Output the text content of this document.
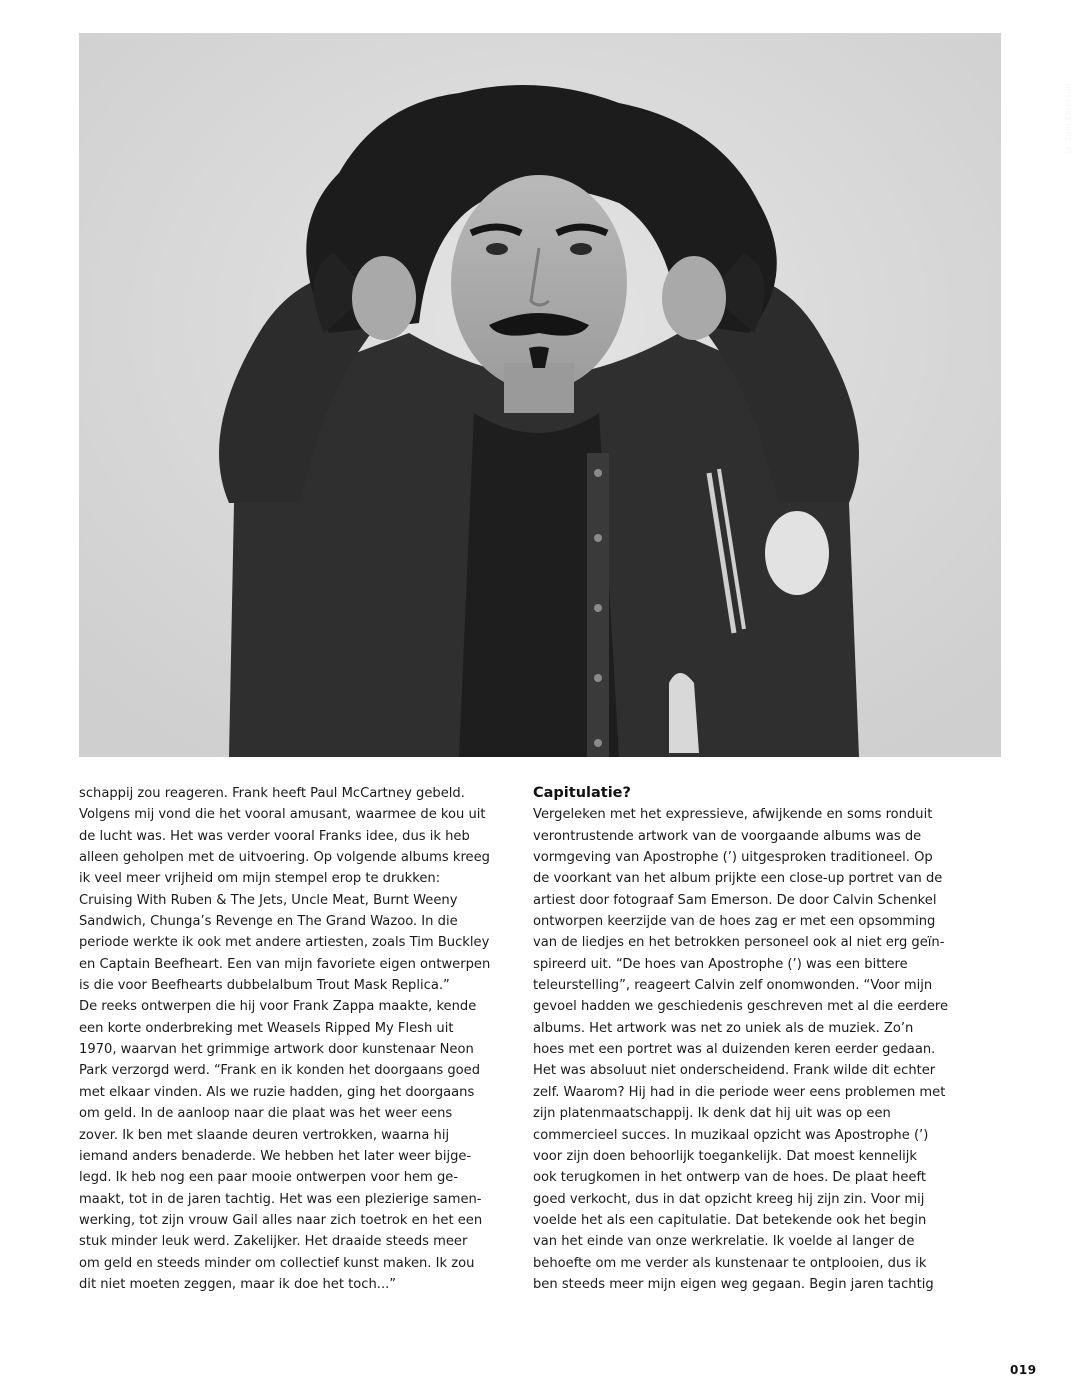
© Sam Emerson
schappij zou reageren. Frank heeft Paul McCartney gebeld.
Volgens mij vond die het vooral amusant, waarmee de kou uit
de lucht was. Het was verder vooral Franks idee, dus ik heb
alleen geholpen met de uitvoering. Op volgende albums kreeg
ik veel meer vrijheid om mijn stempel erop te drukken:
Cruising With Ruben & The Jets, Uncle Meat, Burnt Weeny
Sandwich, Chunga’s Revenge en The Grand Wazoo. In die
periode werkte ik ook met andere artiesten, zoals Tim Buckley
en Captain Beefheart. Een van mijn favoriete eigen ontwerpen
is die voor Beefhearts dubbelalbum Trout Mask Replica.”
De reeks ontwerpen die hij voor Frank Zappa maakte, kende
een korte onderbreking met Weasels Ripped My Flesh uit
1970, waarvan het grimmige artwork door kunstenaar Neon
Park verzorgd werd. “Frank en ik konden het doorgaans goed
met elkaar vinden. Als we ruzie hadden, ging het doorgaans
om geld. In de aanloop naar die plaat was het weer eens
zover. Ik ben met slaande deuren vertrokken, waarna hij
iemand anders benaderde. We hebben het later weer bijge-
legd. Ik heb nog een paar mooie ontwerpen voor hem ge-
maakt, tot in de jaren tachtig. Het was een plezierige samen-
werking, tot zijn vrouw Gail alles naar zich toetrok en het een
stuk minder leuk werd. Zakelijker. Het draaide steeds meer
om geld en steeds minder om collectief kunst maken. Ik zou
dit niet moeten zeggen, maar ik doe het toch...”
Capitulatie?
Vergeleken met het expressieve, afwijkende en soms ronduit
verontrustende artwork van de voorgaande albums was de
vormgeving van Apostrophe (’) uitgesproken traditioneel. Op
de voorkant van het album prijkte een close-up portret van de
artiest door fotograaf Sam Emerson. De door Calvin Schenkel
ontworpen keerzijde van de hoes zag er met een opsomming
van de liedjes en het betrokken personeel ook al niet erg geïn-
spireerd uit. “De hoes van Apostrophe (’) was een bittere
teleurstelling”, reageert Calvin zelf onomwonden. “Voor mijn
gevoel hadden we geschiedenis geschreven met al die eerdere
albums. Het artwork was net zo uniek als de muziek. Zo’n
hoes met een portret was al duizenden keren eerder gedaan.
Het was absoluut niet onderscheidend. Frank wilde dit echter
zelf. Waarom? Hij had in die periode weer eens problemen met
zijn platenmaatschappij. Ik denk dat hij uit was op een
commercieel succes. In muzikaal opzicht was Apostrophe (’)
voor zijn doen behoorlijk toegankelijk. Dat moest kennelijk
ook terugkomen in het ontwerp van de hoes. De plaat heeft
goed verkocht, dus in dat opzicht kreeg hij zijn zin. Voor mij
voelde het als een capitulatie. Dat betekende ook het begin
van het einde van onze werkrelatie. Ik voelde al langer de
behoefte om me verder als kunstenaar te ontplooien, dus ik
ben steeds meer mijn eigen weg gegaan. Begin jaren tachtig
019
